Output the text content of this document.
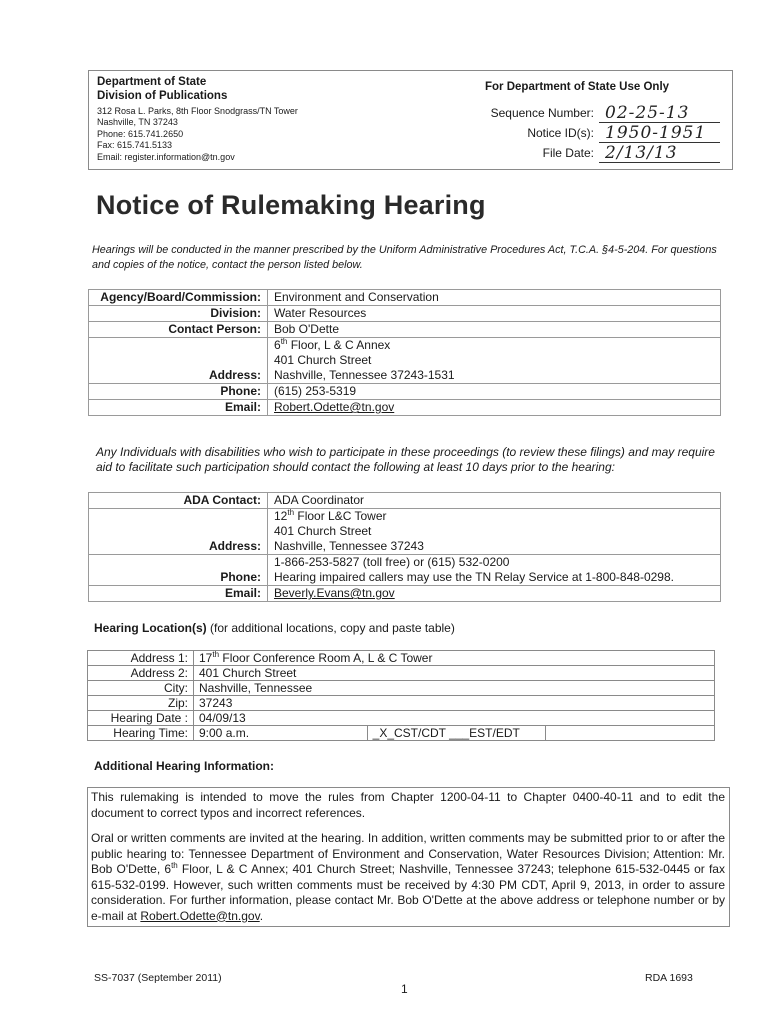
Department of State
Division of Publications
312 Rosa L. Parks, 8th Floor Snodgrass/TN Tower
Nashville, TN 37243
Phone: 615.741.2650
Fax: 615.741.5133
Email: register.information@tn.gov
For Department of State Use Only
Sequence Number: 02-25-13
Notice ID(s): 1950-1951
File Date: 2/13/13
Notice of Rulemaking Hearing
Hearings will be conducted in the manner prescribed by the Uniform Administrative Procedures Act, T.C.A. §4-5-204. For questions and copies of the notice, contact the person listed below.
Agency/Board/Commission:	Environment and Conservation
Division:	Water Resources
Contact Person:	Bob O'Dette
Address:	6th Floor, L & C Annex
401 Church Street
Nashville, Tennessee 37243-1531

Phone:	(615) 253-5319
Email:	Robert.Odette@tn.gov
Any Individuals with disabilities who wish to participate in these proceedings (to review these filings) and may require aid to facilitate such participation should contact the following at least 10 days prior to the hearing:
ADA Contact:	ADA Coordinator
Address:	12th Floor L&C Tower
401 Church Street
Nashville, Tennessee 37243

Phone:	1-866-253-5827 (toll free) or (615) 532-0200
Hearing impaired callers may use the TN Relay Service at 1-800-848-0298.

Email:	Beverly.Evans@tn.gov
Hearing Location(s) (for additional locations, copy and paste table)
Address 1:	17th Floor Conference Room A, L & C Tower		
Address 2:	401 Church Street		
City:	Nashville, Tennessee		
Zip:	37243		
Hearing Date :	04/09/13		
Hearing Time:	9:00 a.m.	_X_CST/CDT ___EST/EDT	
Additional Hearing Information:

This rulemaking is intended to move the rules from Chapter 1200-04-11 to Chapter 0400-40-11 and to edit the document to correct typos and incorrect references.

Oral or written comments are invited at the hearing. In addition, written comments may be submitted prior to or after the public hearing to: Tennessee Department of Environment and Conservation, Water Resources Division; Attention: Mr. Bob O'Dette, 6th Floor, L & C Annex; 401 Church Street; Nashville, Tennessee 37243; telephone 615-532-0445 or fax 615-532-0199. However, such written comments must be received by 4:30 PM CDT, April 9, 2013, in order to assure consideration. For further information, please contact Mr. Bob O'Dette at the above address or telephone number or by e-mail at Robert.Odette@tn.gov.

SS-7037 (September 2011)
1
RDA 1693
